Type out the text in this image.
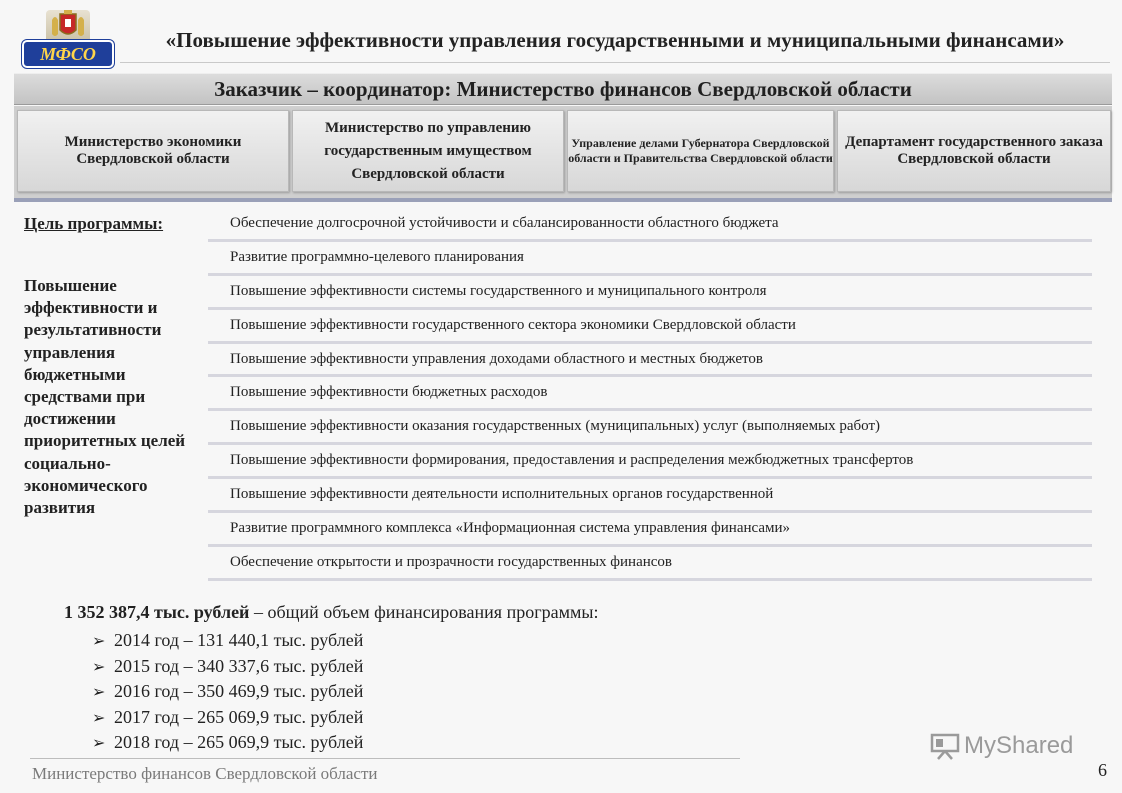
МФСО
«Повышение эффективности управления государственными и муниципальными финансами»
Заказчик – координатор: Министерство финансов Свердловской области
Министерство экономики Свердловской области
Министерство по управлению государственным имуществом Свердловской области
Управление делами Губернатора Свердловской области и Правительства Свердловской области
Департамент государственного заказа Свердловской области
Цель программы:
Повышение эффективности и результативности управления бюджетными средствами при достижении приоритетных целей социально-экономического развития
Обеспечение долгосрочной устойчивости и сбалансированности областного бюджета
Развитие программно-целевого планирования
Повышение эффективности системы государственного и муниципального контроля
Повышение эффективности государственного сектора экономики Свердловской области
Повышение эффективности управления доходами областного и местных бюджетов
Повышение эффективности бюджетных расходов
Повышение эффективности оказания государственных (муниципальных) услуг (выполняемых работ)
Повышение эффективности формирования, предоставления и распределения межбюджетных трансфертов
Повышение эффективности деятельности исполнительных органов государственной
Развитие программного комплекса «Информационная система управления финансами»
Обеспечение открытости и прозрачности государственных финансов
1 352 387,4 тыс. рублей – общий объем финансирования программы:
➢ 2014 год – 131 440,1 тыс. рублей
➢ 2015 год – 340 337,6 тыс. рублей
➢ 2016 год – 350 469,9 тыс. рублей
➢ 2017 год – 265 069,9 тыс. рублей
➢ 2018 год – 265 069,9 тыс. рублей
Министерство финансов Свердловской области	6
MyShared
